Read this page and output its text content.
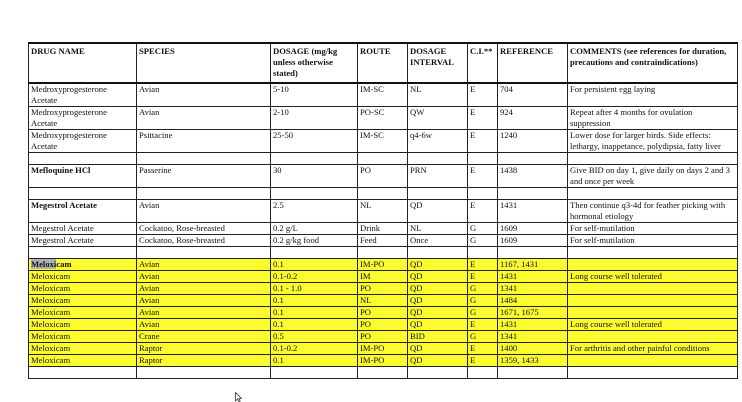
DRUG NAME	SPECIES	DOSAGE (mg/kg unless otherwise stated)	ROUTE	DOSAGE INTERVAL	C.I.**	REFERENCE	COMMENTS (see references for duration, precautions and contraindications)
Medroxyprogesterone Acetate	Avian	5-10	IM-SC	NL	E	704	For persistent egg laying
Medroxyprogesterone Acetate	Avian	2-10	PO-SC	QW	E	924	Repeat after 4 months for ovulation suppression
Medroxyprogesterone Acetate	Psittacine	25-50	IM-SC	q4-6w	E	1240	Lower dose for larger birds. Side effects: lethargy, inappetance, polydipsia, fatty liver

Mefloquine HCl	Passerine	30	PO	PRN	E	1438	Give BID on day 1, give daily on days 2 and 3 and once per week

Megestrol Acetate	Avian	2.5	NL	QD	E	1431	Then continue q3-4d for feather picking with hormonal etiology
Megestrol Acetate	Cockatoo, Rose-breasted	0.2 g/L	Drink	NL	G	1609	For self-mutilation
Megestrol Acetate	Cockatoo, Rose-breasted	0.2 g/kg food	Feed	Once	G	1609	For self-mutilation

Meloxicam	Avian	0.1	IM-PO	QD	E	1167, 1431	
Meloxicam	Avian	0.1-0.2	IM	QD	E	1431	Long course well tolerated
Meloxicam	Avian	0.1 - 1.0	PO	QD	G	1341	
Meloxicam	Avian	0.1	NL	QD	G	1484	
Meloxicam	Avian	0.1	PO	QD	G	1671, 1675	
Meloxicam	Avian	0.1	PO	QD	E	1431	Long course well tolerated
Meloxicam	Crane	0.5	PO	BID	G	1341	
Meloxicam	Raptor	0.1-0.2	IM-PO	QD	E	1400	For arthritis and other painful conditions
Meloxicam	Raptor	0.1	IM-PO	QD	E	1359, 1433	
